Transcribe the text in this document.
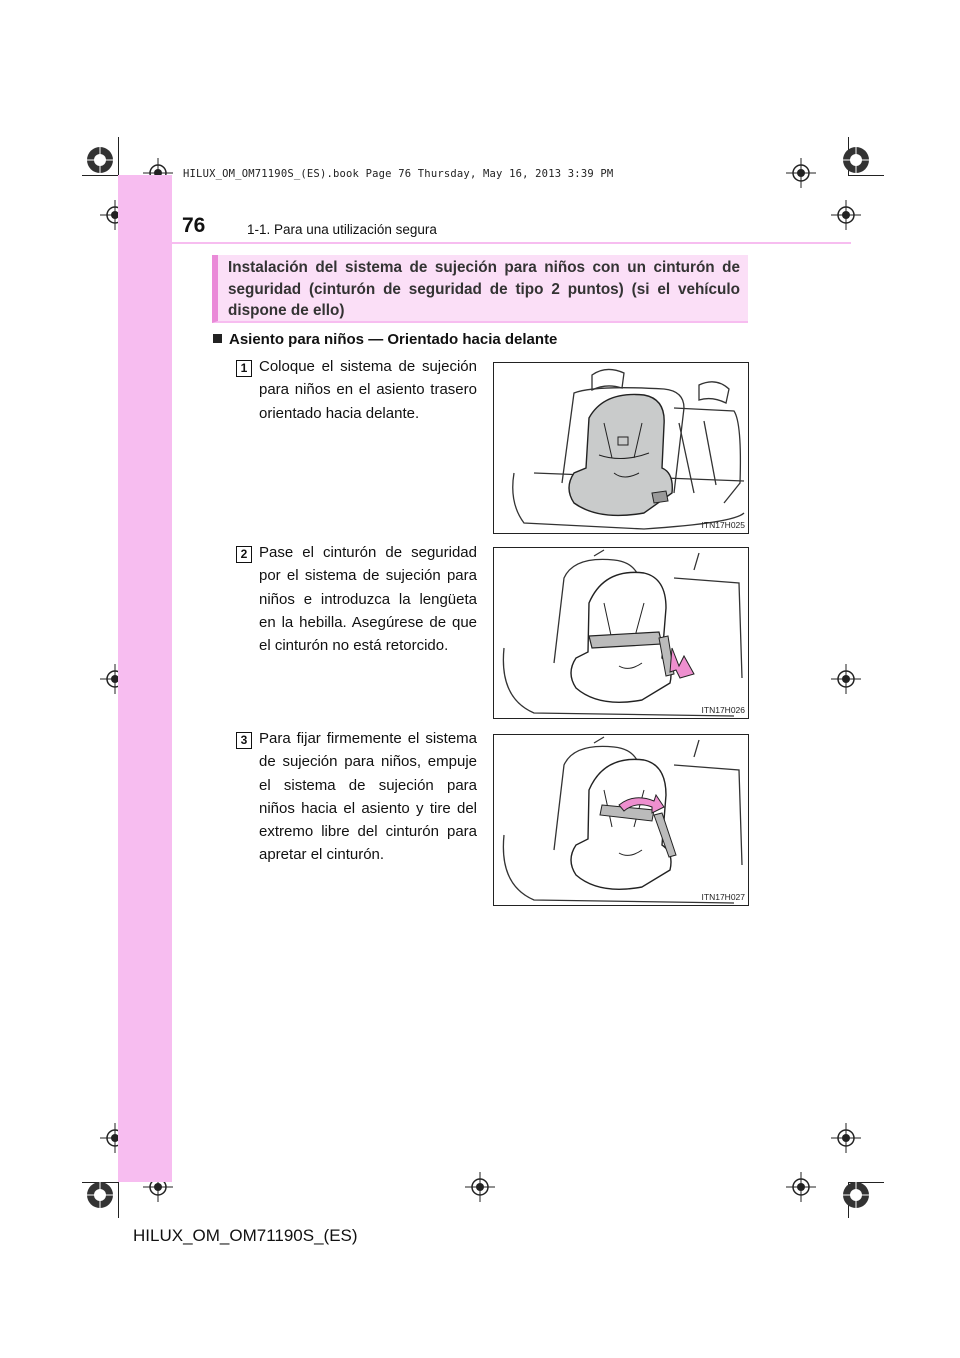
HILUX_OM_OM71190S_(ES).book Page 76 Thursday, May 16, 2013 3:39 PM
76	1-1. Para una utilización segura
Instalación del sistema de sujeción para niños con un cinturón de seguridad (cinturón de seguridad de tipo 2 puntos) (si el vehículo dispone de ello)
Asiento para niños — Orientado hacia delante
1 Coloque el sistema de sujeción para niños en el asiento trasero orientado hacia delante.
ITN17H025
2 Pase el cinturón de seguridad por el sistema de sujeción para niños e introduzca la lengüeta en la hebilla. Asegúrese de que el cinturón no está retorcido.
ITN17H026
3 Para fijar firmemente el sistema de sujeción para niños, empuje el sistema de sujeción para niños hacia el asiento y tire del extremo libre del cinturón para apretar el cinturón.
ITN17H027
HILUX_OM_OM71190S_(ES)
